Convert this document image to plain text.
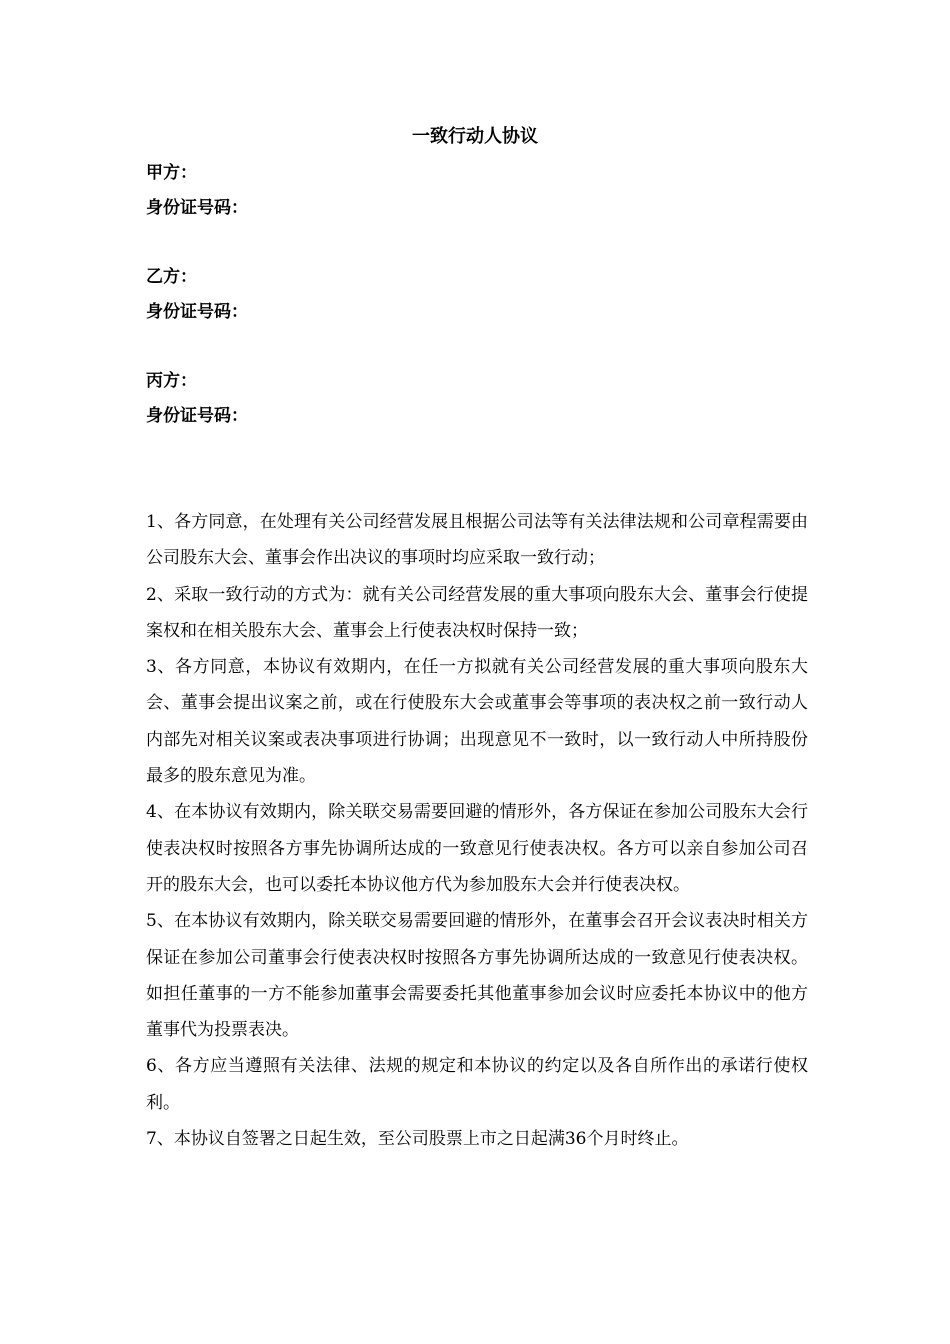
一致行动人协议
甲方：
身份证号码：
乙方：
身份证号码：
丙方：
身份证号码：

1、各方同意，在处理有关公司经营发展且根据公司法等有关法律法规和公司章程需要由公司股东大会、董事会作出决议的事项时均应采取一致行动；

2、采取一致行动的方式为：就有关公司经营发展的重大事项向股东大会、董事会行使提案权和在相关股东大会、董事会上行使表决权时保持一致；

3、各方同意，本协议有效期内，在任一方拟就有关公司经营发展的重大事项向股东大会、董事会提出议案之前，或在行使股东大会或董事会等事项的表决权之前一致行动人内部先对相关议案或表决事项进行协调；出现意见不一致时，以一致行动人中所持股份最多的股东意见为准。

4、在本协议有效期内，除关联交易需要回避的情形外，各方保证在参加公司股东大会行使表决权时按照各方事先协调所达成的一致意见行使表决权。各方可以亲自参加公司召开的股东大会，也可以委托本协议他方代为参加股东大会并行使表决权。

5、在本协议有效期内，除关联交易需要回避的情形外，在董事会召开会议表决时相关方保证在参加公司董事会行使表决权时按照各方事先协调所达成的一致意见行使表决权。如担任董事的一方不能参加董事会需要委托其他董事参加会议时应委托本协议中的他方董事代为投票表决。

6、各方应当遵照有关法律、法规的规定和本协议的约定以及各自所作出的承诺行使权利。

7、本协议自签署之日起生效，至公司股票上市之日起满36个月时终止。
